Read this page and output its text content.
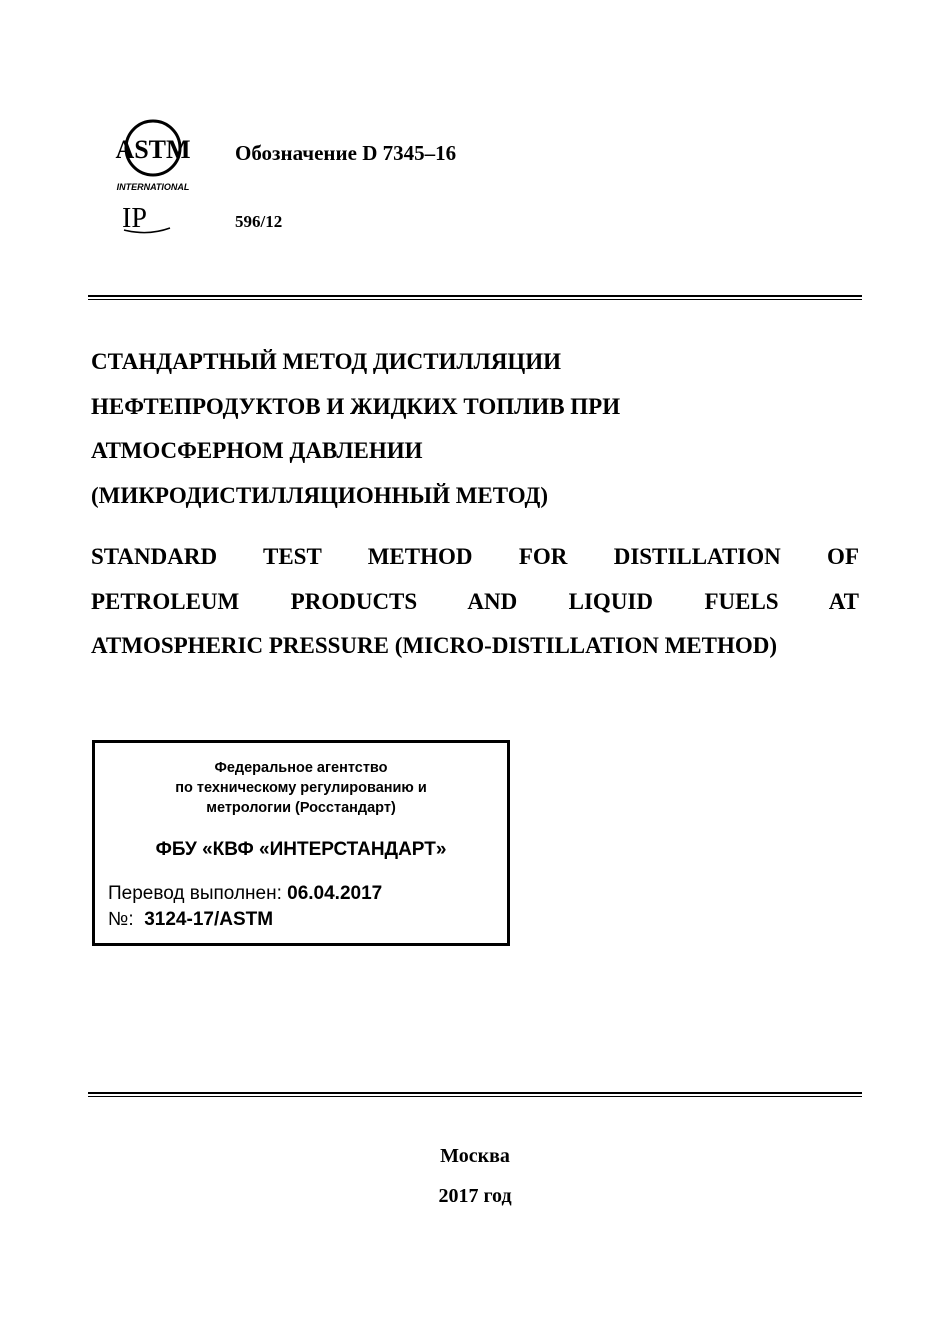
ASTM
INTERNATIONAL
IP
Обозначение D 7345–16
596/12
СТАНДАРТНЫЙ МЕТОД ДИСТИЛЛЯЦИИ
НЕФТЕПРОДУКТОВ И ЖИДКИХ ТОПЛИВ ПРИ
АТМОСФЕРНОМ ДАВЛЕНИИ
(МИКРОДИСТИЛЛЯЦИОННЫЙ МЕТОД)
STANDARD TEST METHOD FOR DISTILLATION OF
PETROLEUM PRODUCTS AND LIQUID FUELS AT
ATMOSPHERIC PRESSURE (MICRO-DISTILLATION METHOD)
Федеральное агентство
по техническому регулированию и
метрологии (Росстандарт)
ФБУ «КВФ «ИНТЕРСТАНДАРТ»
Перевод выполнен: 06.04.2017
№: 3124-17/ASTM
Москва
2017 год
